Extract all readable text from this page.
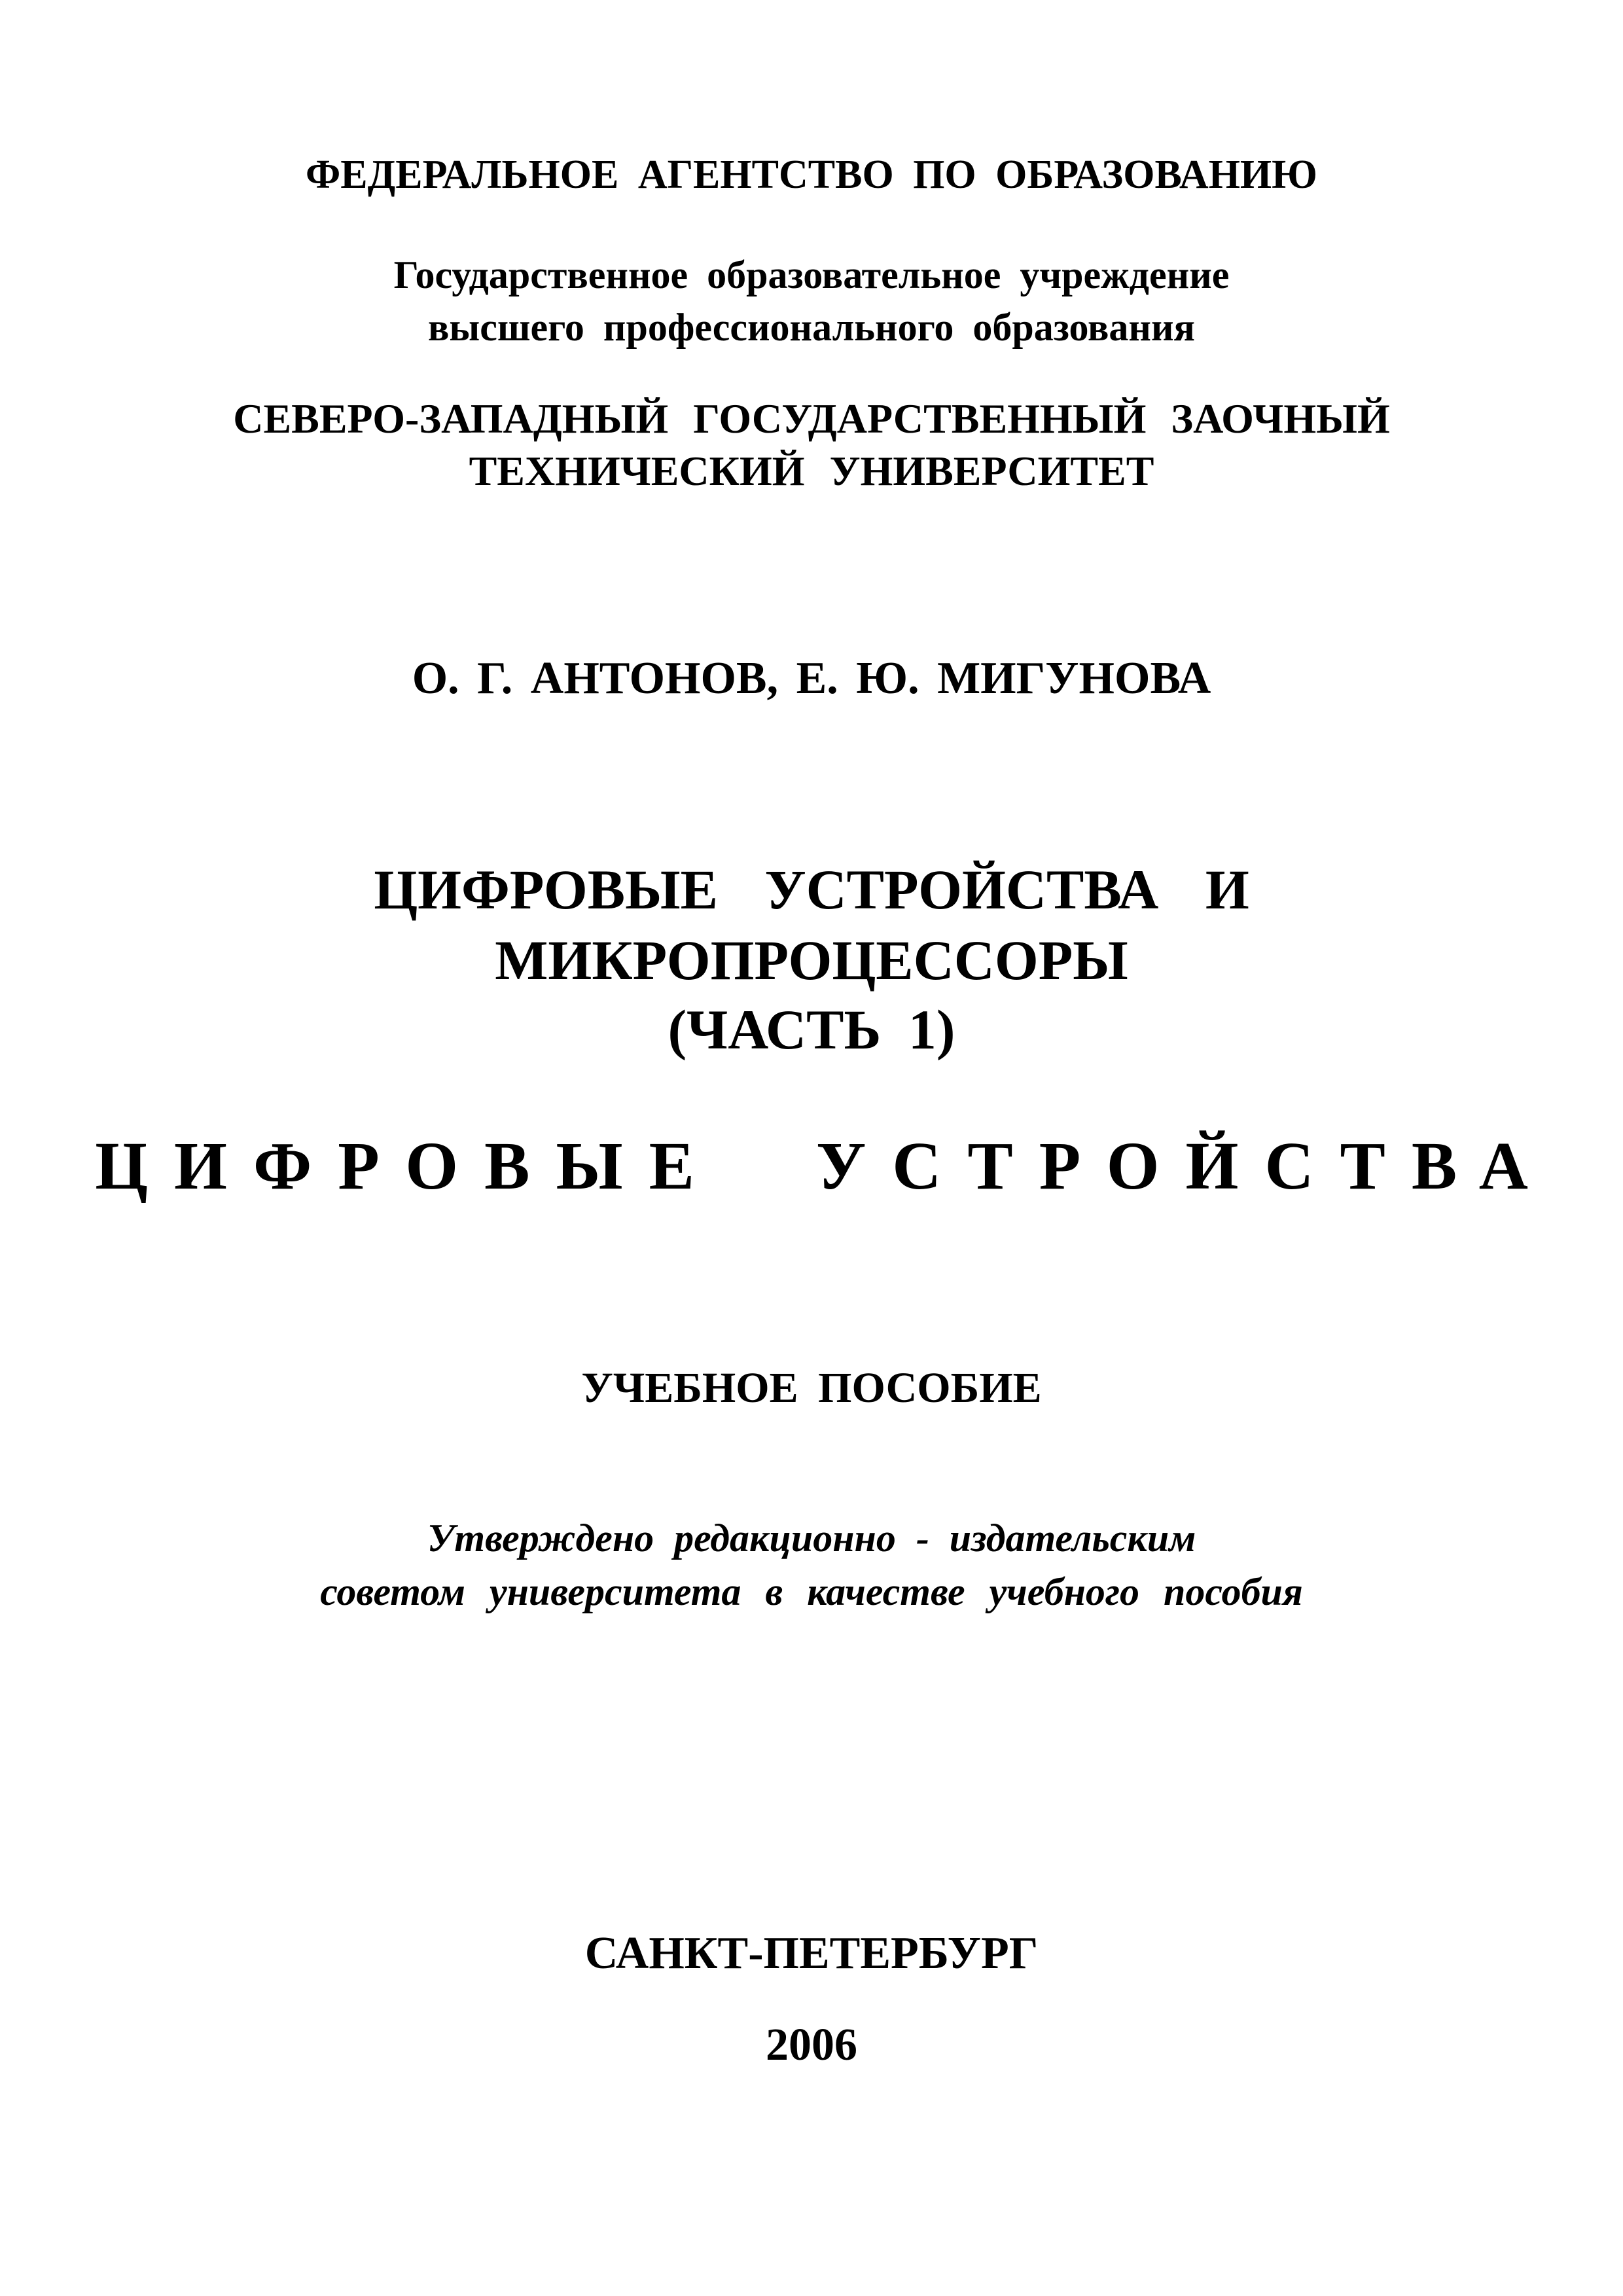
ФЕДЕРАЛЬНОЕ АГЕНТСТВО ПО ОБРАЗОВАНИЮ
Государственное образовательное учреждение
высшего профессионального образования
СЕВЕРО-ЗАПАДНЫЙ ГОСУДАРСТВЕННЫЙ ЗАОЧНЫЙ
ТЕХНИЧЕСКИЙ УНИВЕРСИТЕТ
О. Г. АНТОНОВ, Е. Ю. МИГУНОВА
ЦИФРОВЫЕ УСТРОЙСТВА И
МИКРОПРОЦЕССОРЫ
(ЧАСТЬ 1)
ЦИФРОВЫЕ УСТРОЙСТВА
УЧЕБНОЕ ПОСОБИЕ
Утверждено редакционно - издательским
советом университета в качестве учебного пособия
САНКТ-ПЕТЕРБУРГ
2006
